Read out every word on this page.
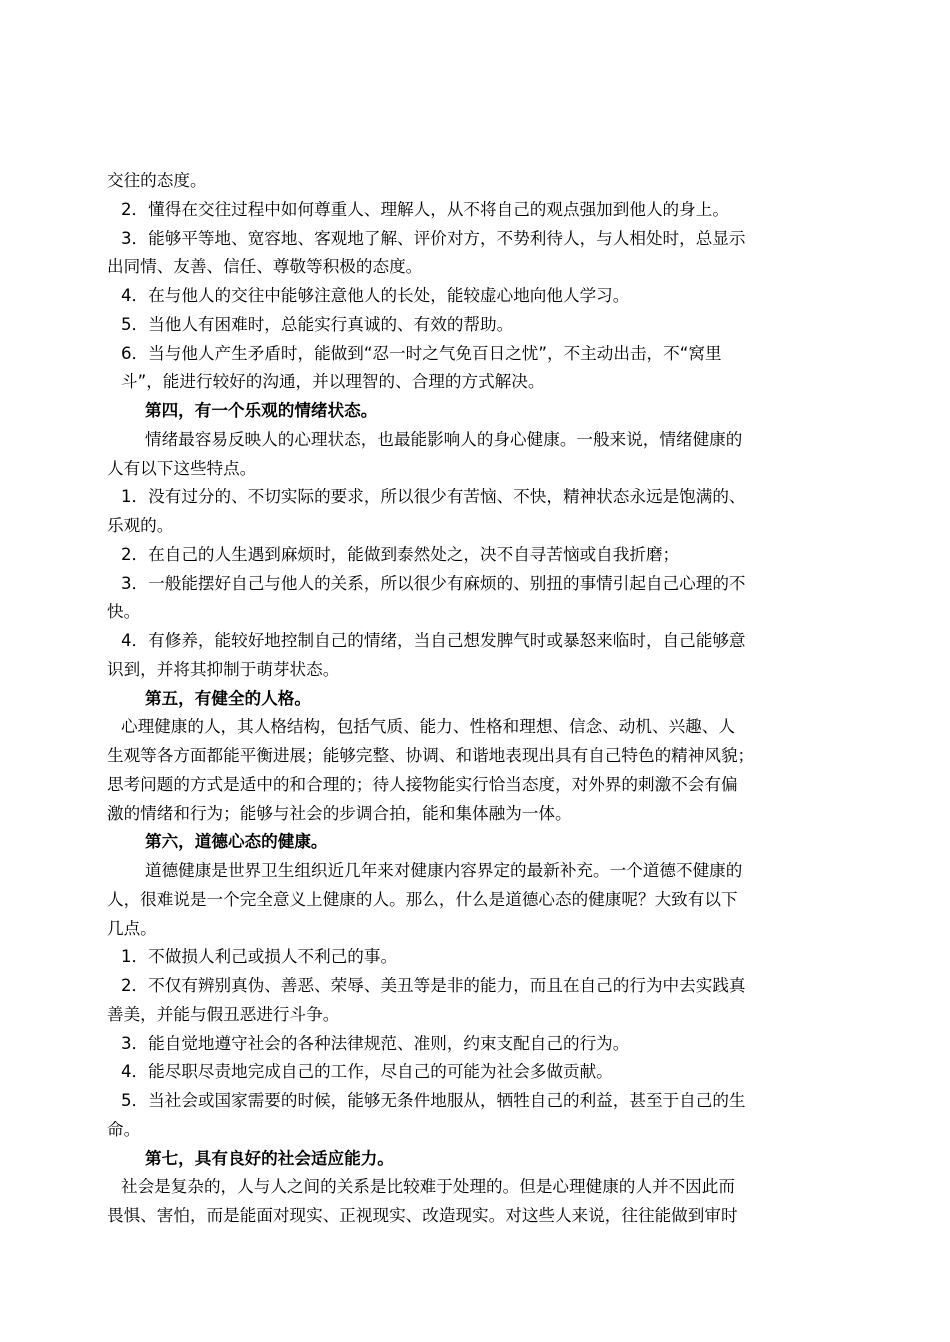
交往的态度。
2．懂得在交往过程中如何尊重人、理解人，从不将自己的观点强加到他人的身上。
3．能够平等地、宽容地、客观地了解、评价对方，不势利待人，与人相处时，总显示
出同情、友善、信任、尊敬等积极的态度。
4．在与他人的交往中能够注意他人的长处，能较虚心地向他人学习。
5．当他人有困难时，总能实行真诚的、有效的帮助。
6．当与他人产生矛盾时，能做到“忍一时之气免百日之忧”，不主动出击，不“窝里
斗”，能进行较好的沟通，并以理智的、合理的方式解决。
第四，有一个乐观的情绪状态。
情绪最容易反映人的心理状态，也最能影响人的身心健康。一般来说，情绪健康的
人有以下这些特点。
1．没有过分的、不切实际的要求，所以很少有苦恼、不快，精神状态永远是饱满的、
乐观的。
2．在自己的人生遇到麻烦时，能做到泰然处之，决不自寻苦恼或自我折磨；
3．一般能摆好自己与他人的关系，所以很少有麻烦的、别扭的事情引起自己心理的不
快。
4．有修养，能较好地控制自己的情绪，当自己想发脾气时或暴怒来临时，自己能够意
识到，并将其抑制于萌芽状态。
第五，有健全的人格。
心理健康的人，其人格结构，包括气质、能力、性格和理想、信念、动机、兴趣、人
生观等各方面都能平衡进展；能够完整、协调、和谐地表现出具有自己特色的精神风貌；
思考问题的方式是适中的和合理的；待人接物能实行恰当态度，对外界的刺激不会有偏
激的情绪和行为；能够与社会的步调合拍，能和集体融为一体。
第六，道德心态的健康。
道德健康是世界卫生组织近几年来对健康内容界定的最新补充。一个道德不健康的
人，很难说是一个完全意义上健康的人。那么，什么是道德心态的健康呢？大致有以下
几点。
1．不做损人利己或损人不利己的事。
2．不仅有辨别真伪、善恶、荣辱、美丑等是非的能力，而且在自己的行为中去实践真
善美，并能与假丑恶进行斗争。
3．能自觉地遵守社会的各种法律规范、准则，约束支配自己的行为。
4．能尽职尽责地完成自己的工作，尽自己的可能为社会多做贡献。
5．当社会或国家需要的时候，能够无条件地服从，牺牲自己的利益，甚至于自己的生
命。
第七，具有良好的社会适应能力。
社会是复杂的，人与人之间的关系是比较难于处理的。但是心理健康的人并不因此而
畏惧、害怕，而是能面对现实、正视现实、改造现实。对这些人来说，往往能做到审时
